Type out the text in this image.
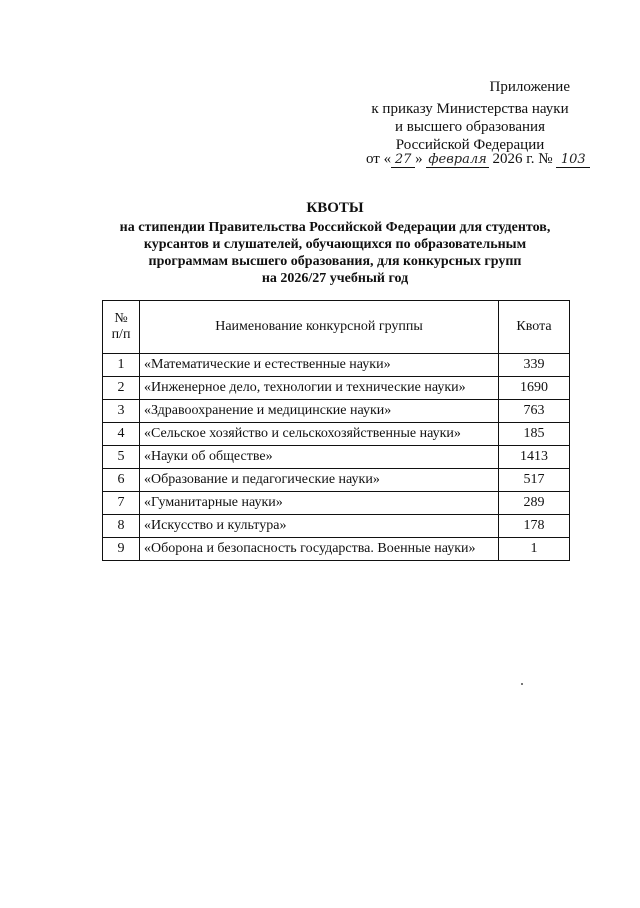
Приложение
к приказу Министерства науки
и высшего образования
Российской Федерации
от « 27 » февраля 2026 г. № 103
КВОТЫ
на стипендии Правительства Российской Федерации для студентов,
курсантов и слушателей, обучающихся по образовательным
программам высшего образования, для конкурсных групп
на 2026/27 учебный год
№
п/п	Наименование конкурсной группы	Квота
1	«Математические и естественные науки»	339
2	«Инженерное дело, технологии и технические науки»	1690
3	«Здравоохранение и медицинские науки»	763
4	«Сельское хозяйство и сельскохозяйственные науки»	185
5	«Науки об обществе»	1413
6	«Образование и педагогические науки»	517
7	«Гуманитарные науки»	289
8	«Искусство и культура»	178
9	«Оборона и безопасность государства. Военные науки»	1
